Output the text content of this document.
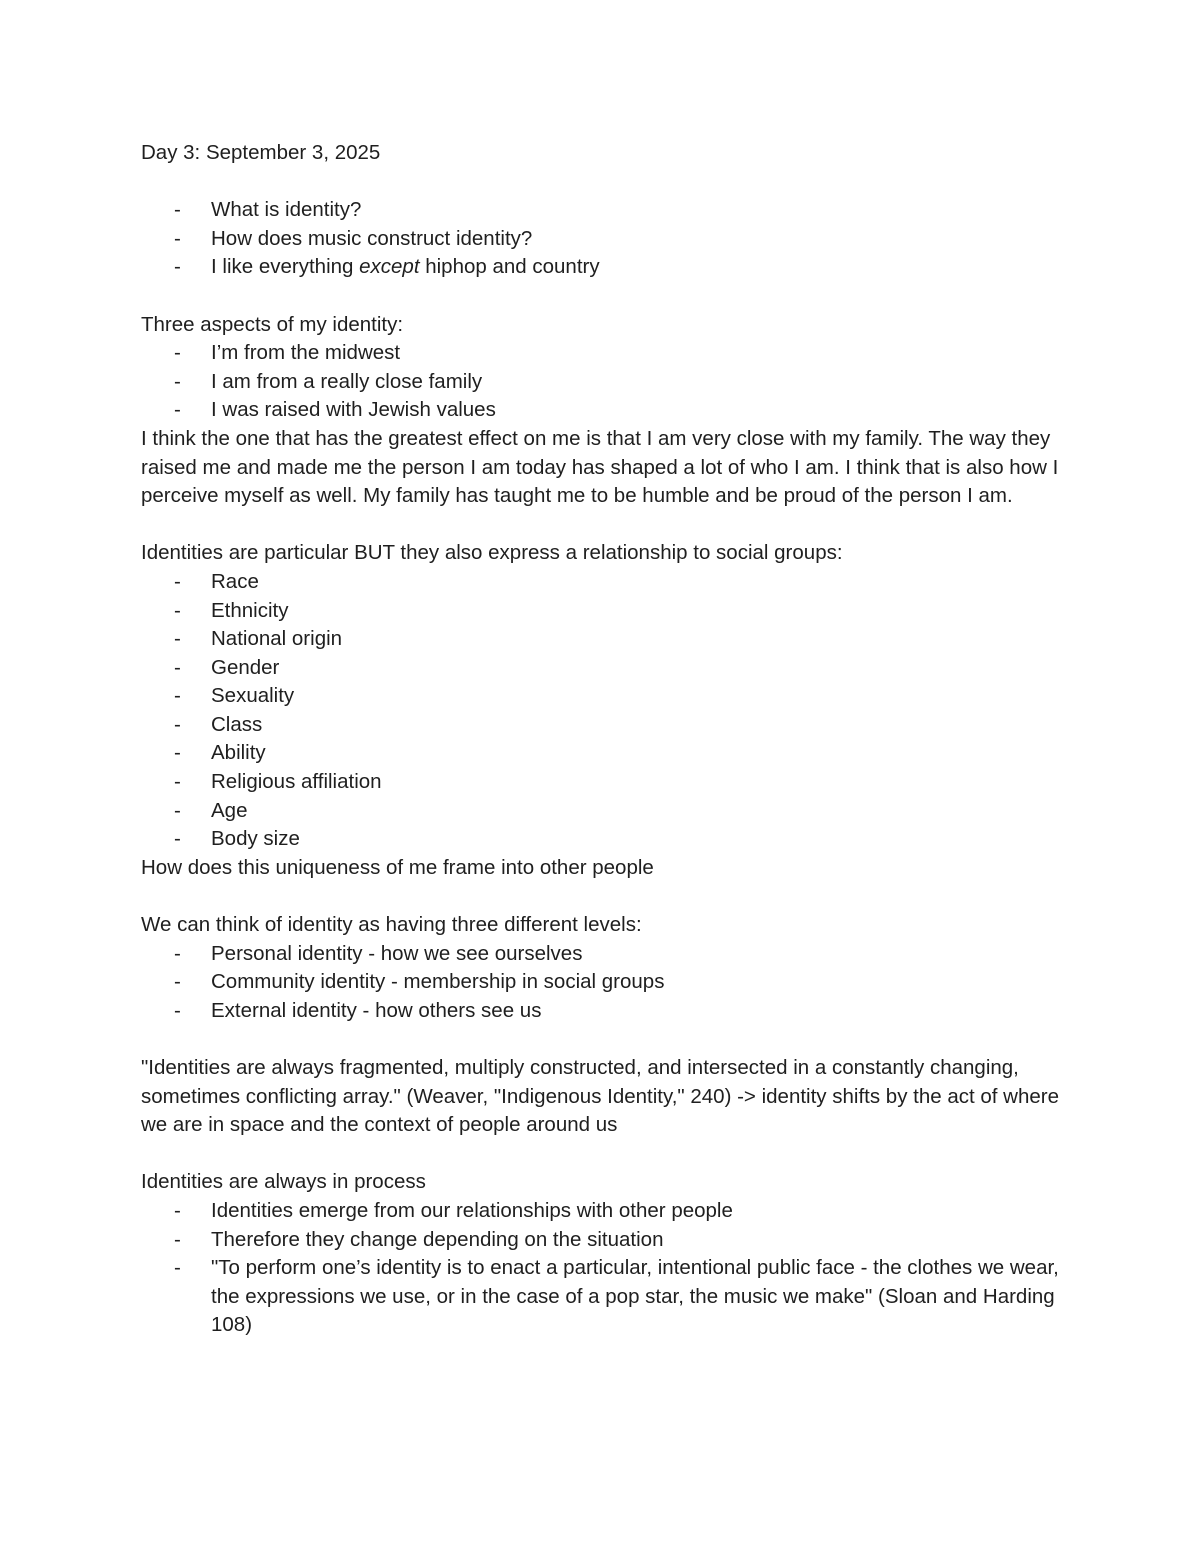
Day 3: September 3, 2025

- What is identity?
- How does music construct identity?
- I like everything except hiphop and country

Three aspects of my identity:

- I’m from the midwest
- I am from a really close family
- I was raised with Jewish values

I think the one that has the greatest effect on me is that I am very close with my family. The way they raised me and made me the person I am today has shaped a lot of who I am. I think that is also how I perceive myself as well. My family has taught me to be humble and be proud of the person I am.

Identities are particular BUT they also express a relationship to social groups:

- Race
- Ethnicity
- National origin
- Gender
- Sexuality
- Class
- Ability
- Religious affiliation
- Age
- Body size

How does this uniqueness of me frame into other people

We can think of identity as having three different levels:

- Personal identity - how we see ourselves
- Community identity - membership in social groups
- External identity - how others see us

"Identities are always fragmented, multiply constructed, and intersected in a constantly changing, sometimes conflicting array." (Weaver, "Indigenous Identity," 240) -> identity shifts by the act of where we are in space and the context of people around us

Identities are always in process

- Identities emerge from our relationships with other people
- Therefore they change depending on the situation
- "To perform one’s identity is to enact a particular, intentional public face - the clothes we wear, the expressions we use, or in the case of a pop star, the music we make" (Sloan and Harding 108)
